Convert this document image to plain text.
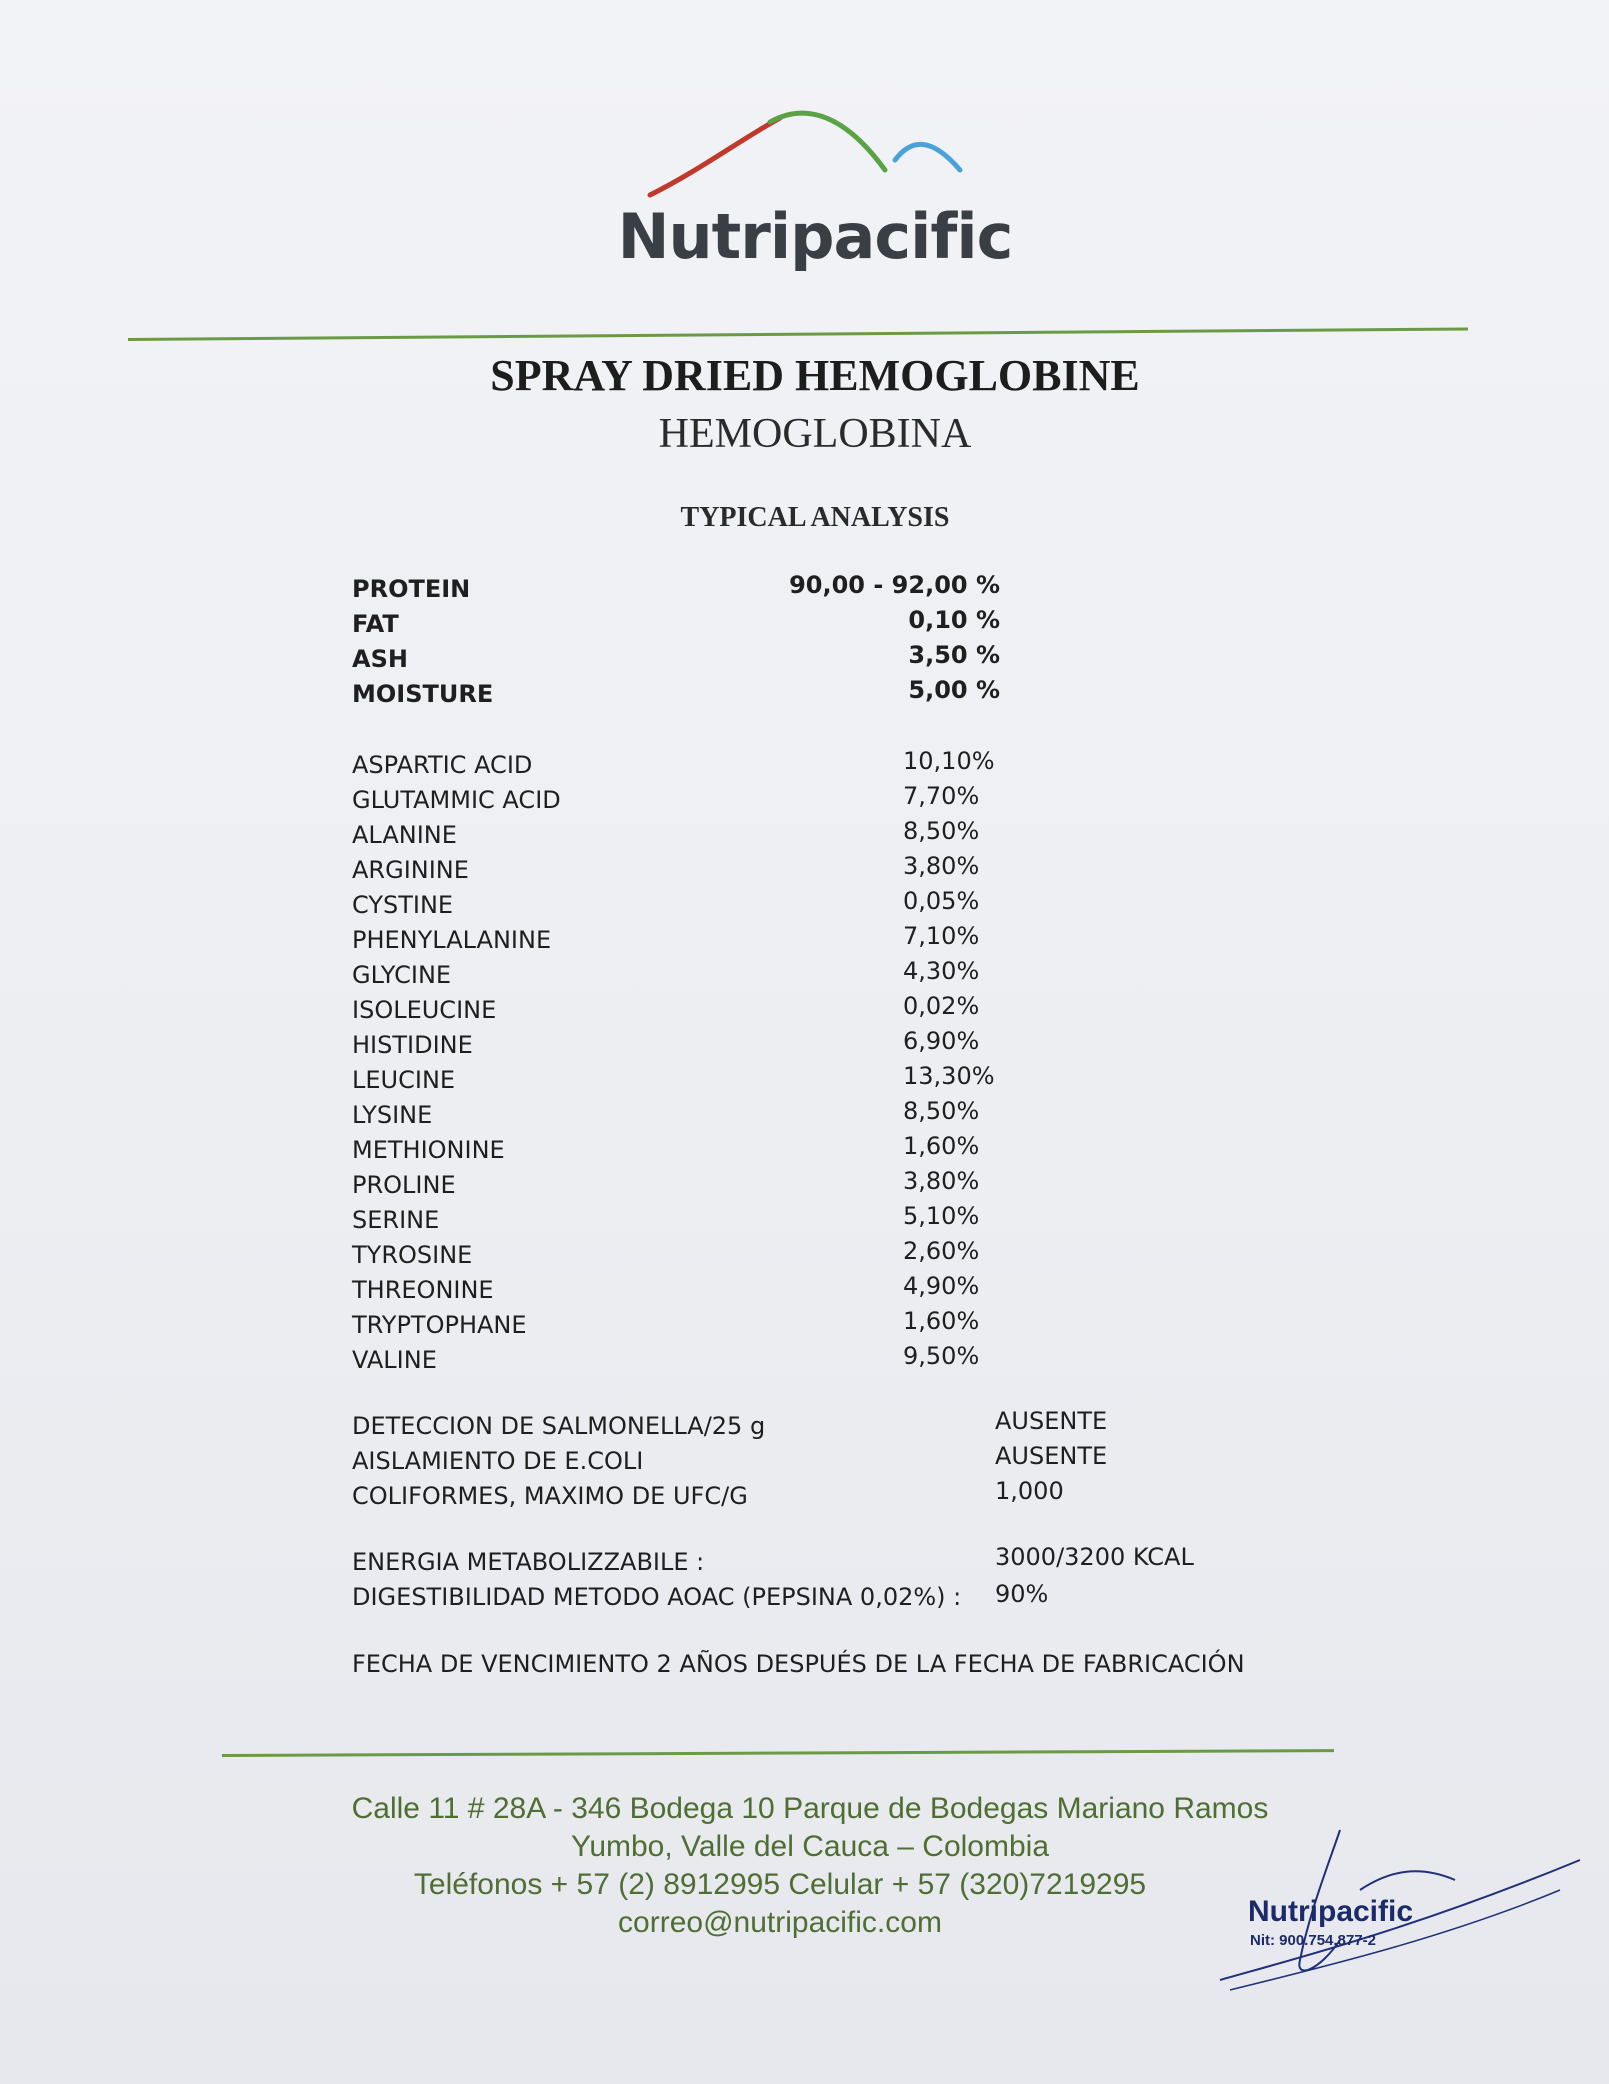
Nutripacific
SPRAY DRIED HEMOGLOBINE
HEMOGLOBINA
TYPICAL ANALYSIS
PROTEIN	90,00 - 92,00 %
FAT	0,10 %
ASH	3,50 %
MOISTURE	5,00 %
ASPARTIC ACID	10,10%
GLUTAMMIC ACID	7,70%
ALANINE	8,50%
ARGININE	3,80%
CYSTINE	0,05%
PHENYLALANINE	7,10%
GLYCINE	4,30%
ISOLEUCINE	0,02%
HISTIDINE	6,90%
LEUCINE	13,30%
LYSINE	8,50%
METHIONINE	1,60%
PROLINE	3,80%
SERINE	5,10%
TYROSINE	2,60%
THREONINE	4,90%
TRYPTOPHANE	1,60%
VALINE	9,50%
DETECCION DE SALMONELLA/25 g	AUSENTE
AISLAMIENTO DE E.COLI	AUSENTE
COLIFORMES, MAXIMO DE UFC/G	1,000
ENERGIA METABOLIZZABILE :	3000/3200 KCAL
DIGESTIBILIDAD METODO AOAC (PEPSINA 0,02%) : 90%
FECHA DE VENCIMIENTO 2 AÑOS DESPUÉS DE LA FECHA DE FABRICACIÓN
Calle 11 # 28A - 346 Bodega 10 Parque de Bodegas Mariano Ramos
Yumbo, Valle del Cauca – Colombia
Teléfonos + 57 (2) 8912995 Celular + 57 (320)7219295
correo@nutripacific.com	Nutripacific
Nit: 900.754.877-2
